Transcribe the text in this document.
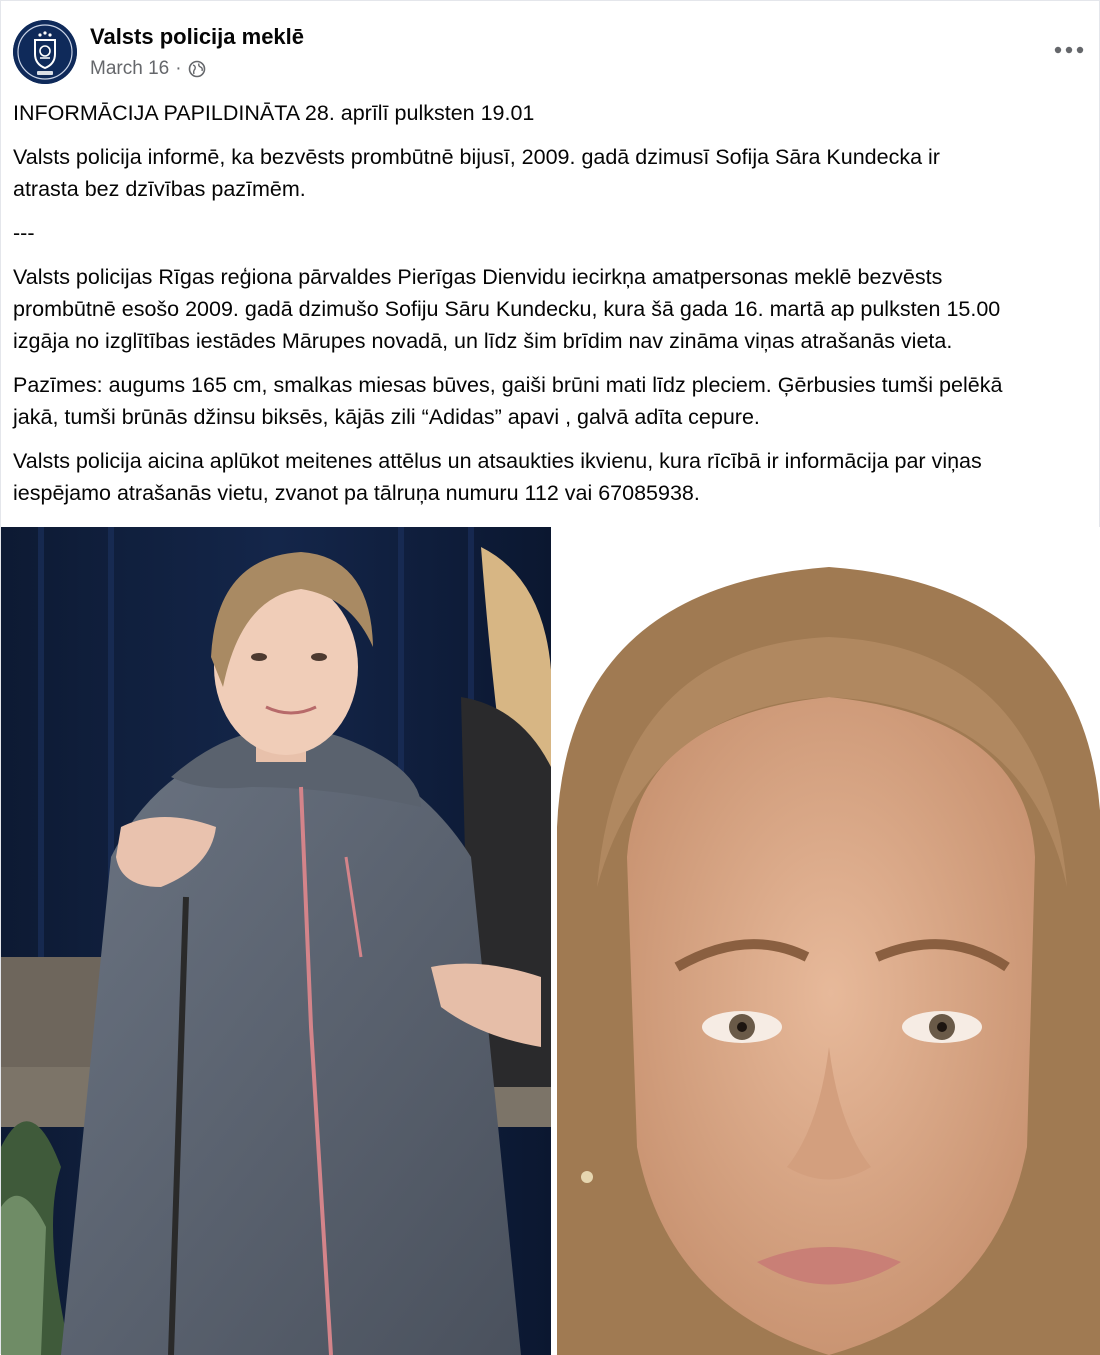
Valsts policija meklē
March 16 ·

INFORMĀCIJA PAPILDINĀTA 28. aprīlī pulksten 19.01

Valsts policija informē, ka bezvēsts prombūtnē bijusī, 2009. gadā dzimusī Sofija Sāra Kundecka ir
atrasta bez dzīvības pazīmēm.

---

Valsts policijas Rīgas reģiona pārvaldes Pierīgas Dienvidu iecirkņa amatpersonas meklē bezvēsts
prombūtnē esošo 2009. gadā dzimušo Sofiju Sāru Kundecku, kura šā gada 16. martā ap pulksten 15.00
izgāja no izglītības iestādes Mārupes novadā, un līdz šim brīdim nav zināma viņas atrašanās vieta.

Pazīmes: augums 165 cm, smalkas miesas būves, gaiši brūni mati līdz pleciem. Ģērbusies tumši pelēkā
jakā, tumši brūnās džinsu biksēs, kājās zili “Adidas” apavi , galvā adīta cepure.

Valsts policija aicina aplūkot meitenes attēlus un atsaukties ikvienu, kura rīcībā ir informācija par viņas
iespējamo atrašanās vietu, zvanot pa tālruņa numuru 112 vai 67085938.
